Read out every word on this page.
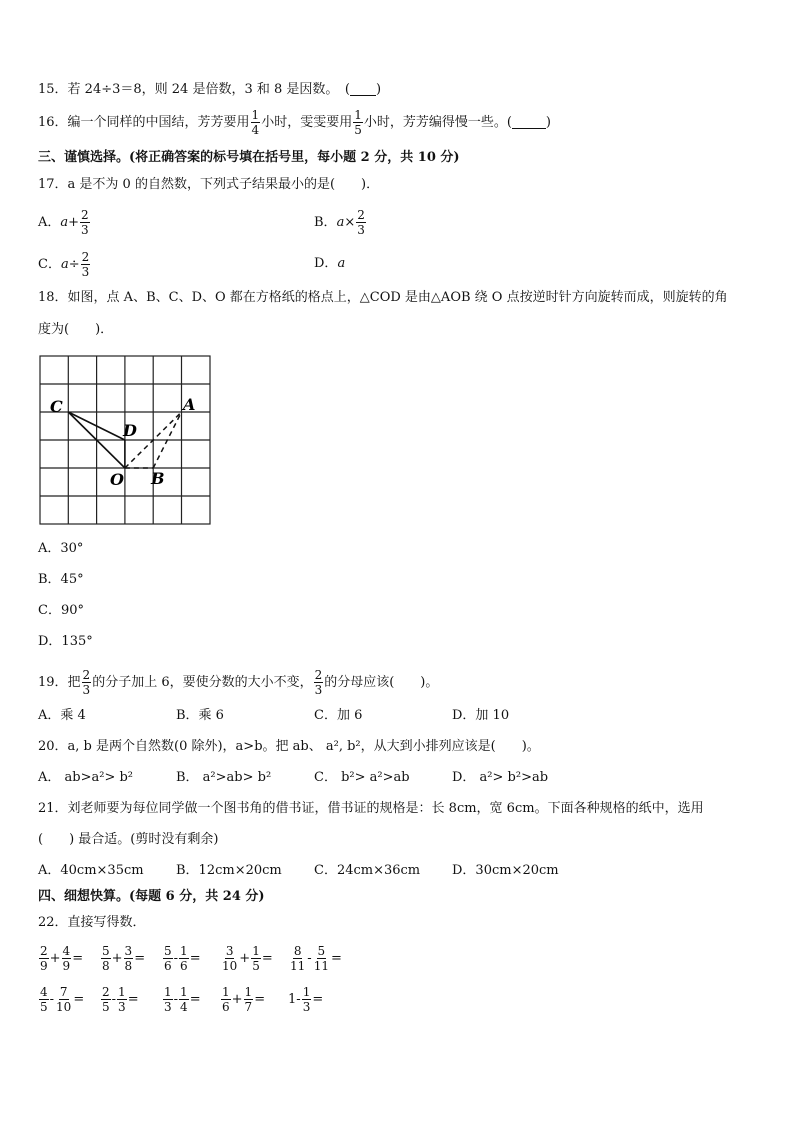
15．若 24÷3＝8，则 24 是倍数，3 和 8 是因数。　( )
16．编一个同样的中国结，芳芳要用 $\frac{1}{4}$ 小时，雯雯要用 $\frac{1}{5}$ 小时，芳芳编得慢一些。(	)
三、谨慎选择。(将正确答案的标号填在括号里，每小题 2 分，共 10 分)
17．a 是不为 0 的自然数，下列式子结果最小的是(　　)．
A．$a+ \frac{2}{3}$	B．$a\times \frac{2}{3}$
C．$a\div \frac{2}{3}$	D．a
18．如图，点 A、B、C、D、O 都在方格纸的格点上，△COD 是由△AOB 绕 O 点按逆时针方向旋转而成，则旋转的角
度为(　　)．
C	A
D
O B
A．30°
B．45°
C．90°
D．135°
19．把 $\frac{2}{3}$ 的分子加上 6，要使分数的大小不变， $\frac{2}{3}$ 的分母应该(　　)。
A．乘 4	B．乘 6	C．加 6	D．加 10
20．a, b 是两个自然数(0 除外)，a>b。把 ab、 a², b²，从大到小排列应该是(　　)。
A． ab>a²> b²	B． a²>ab> b²	C． b²> a²>ab	D． a²> b²>ab
21．刘老师要为每位同学做一个图书角的借书证，借书证的规格是：长 8cm，宽 6cm。下面各种规格的纸中，选用
(　　) 最合适。(剪时没有剩余)
A．40cm×35cm B．12cm×20cm C．24cm×36cm D．30cm×20cm
四、细想快算。(每题 6 分，共 24 分)
22．直接写得数．
$\frac{2}{9} + \frac{4}{9} = \frac{5}{8} + \frac{3}{8} = \frac{5}{6} - \frac{1}{6} = \frac{3}{10} + \frac{1}{5} = \frac{8}{11} - \frac{5}{11}$ =
$\frac{4}{5} - \frac{7}{10} = \frac{2}{5} - \frac{1}{3} = \frac{1}{3} - \frac{1}{4} = \frac{1}{6} + \frac{1}{7} = 1 - \frac{1}{3}$ =
